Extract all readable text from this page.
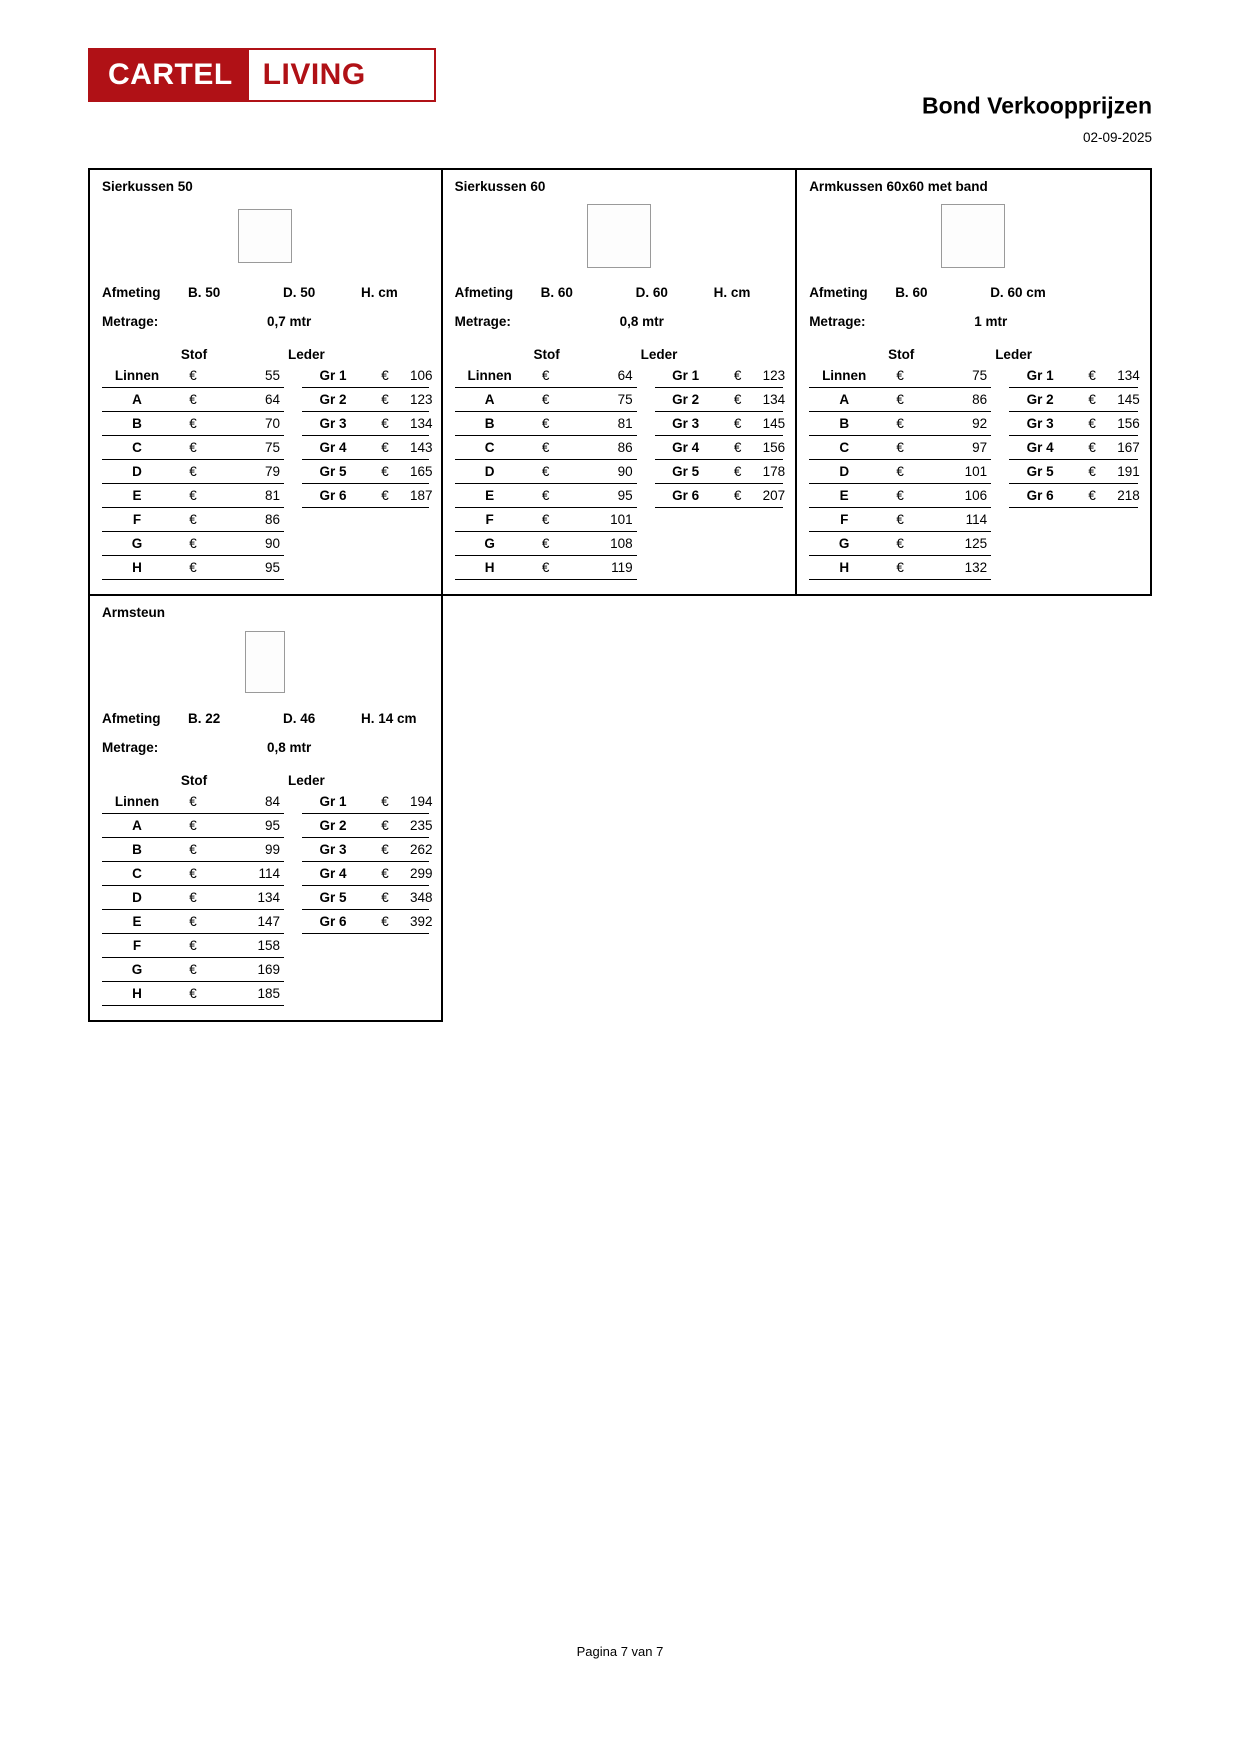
CARTEL	LIVING
Bond Verkoopprijzen
02-09-2025
Sierkussen 50
Afmeting	B. 50	D. 50	H. cm
Metrage:	0,7 mtr
Stof	Leder
Linnen	€	55		Gr 1	€	106
A	€	64		Gr 2	€	123
B	€	70		Gr 3	€	134
C	€	75		Gr 4	€	143
D	€	79		Gr 5	€	165
E	€	81		Gr 6	€	187
F	€	86				
G	€	90				
H	€	95				
Sierkussen 60
Afmeting	B. 60	D. 60	H. cm
Metrage:	0,8 mtr
Stof	Leder
Linnen	€	64		Gr 1	€	123
A	€	75		Gr 2	€	134
B	€	81		Gr 3	€	145
C	€	86		Gr 4	€	156
D	€	90		Gr 5	€	178
E	€	95		Gr 6	€	207
F	€	101				
G	€	108				
H	€	119				
Armkussen 60x60 met band
Afmeting	B. 60	D. 60 cm
Metrage:	1 mtr
Stof	Leder
Linnen	€	75		Gr 1	€	134
A	€	86		Gr 2	€	145
B	€	92		Gr 3	€	156
C	€	97		Gr 4	€	167
D	€	101		Gr 5	€	191
E	€	106		Gr 6	€	218
F	€	114				
G	€	125				
H	€	132				
Armsteun
Afmeting	B. 22	D. 46	H. 14 cm
Metrage:	0,8 mtr
Stof	Leder
Linnen	€	84		Gr 1	€	194
A	€	95		Gr 2	€	235
B	€	99		Gr 3	€	262
C	€	114		Gr 4	€	299
D	€	134		Gr 5	€	348
E	€	147		Gr 6	€	392
F	€	158				
G	€	169				
H	€	185				
Pagina 7 van 7
